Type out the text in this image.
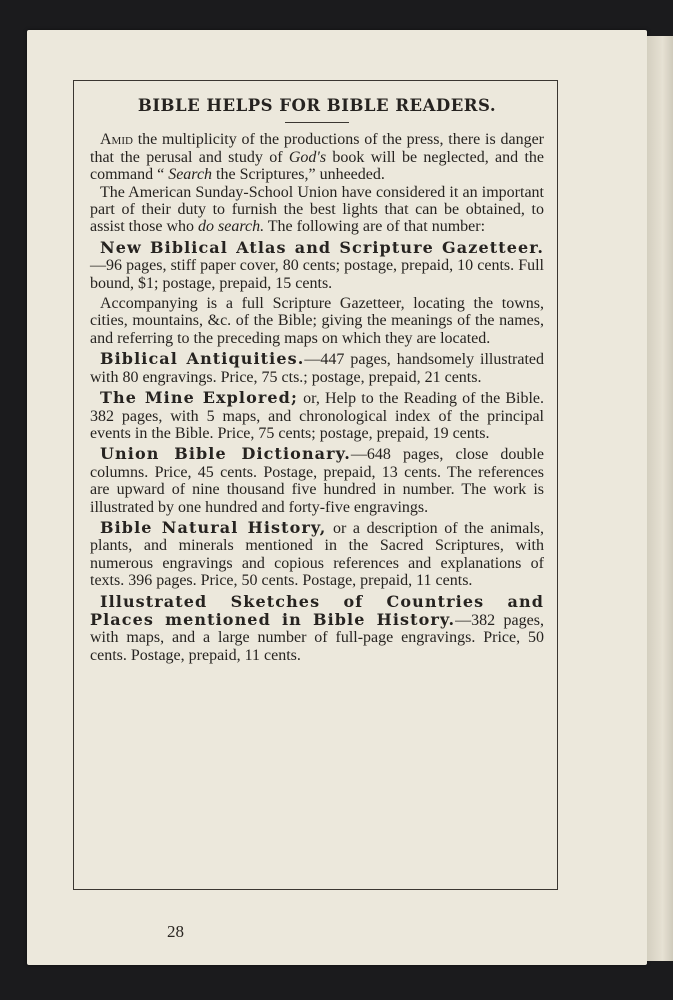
BIBLE HELPS FOR BIBLE READERS.

Amid the multiplicity of the productions of the press, there is danger that the perusal and study of God's book will be neglected, and the command “ Search the Scriptures,” unheeded.

The American Sunday-School Union have considered it an important part of their duty to furnish the best lights that can be obtained, to assist those who do search. The following are of that number:

New Biblical Atlas and Scripture Gazetteer.—96 pages, stiff paper cover, 80 cents; postage, prepaid, 10 cents. Full bound, $1; postage, prepaid, 15 cents.

Accompanying is a full Scripture Gazetteer, locating the towns, cities, mountains, &c. of the Bible; giving the meanings of the names, and referring to the preceding maps on which they are located.

Biblical Antiquities.—447 pages, handsomely illustrated with 80 engravings. Price, 75 cts.; postage, prepaid, 21 cents.

The Mine Explored; or, Help to the Reading of the Bible. 382 pages, with 5 maps, and chronological index of the principal events in the Bible. Price, 75 cents; postage, prepaid, 19 cents.

Union Bible Dictionary.—648 pages, close double columns. Price, 45 cents. Postage, prepaid, 13 cents. The references are upward of nine thousand five hundred in number. The work is illustrated by one hundred and forty-five engravings.

Bible Natural History, or a description of the animals, plants, and minerals mentioned in the Sacred Scriptures, with numerous engravings and copious references and explanations of texts. 396 pages. Price, 50 cents. Postage, prepaid, 11 cents.

Illustrated Sketches of Countries and Places mentioned in Bible History.—382 pages, with maps, and a large number of full-page engravings. Price, 50 cents. Postage, prepaid, 11 cents.

28
